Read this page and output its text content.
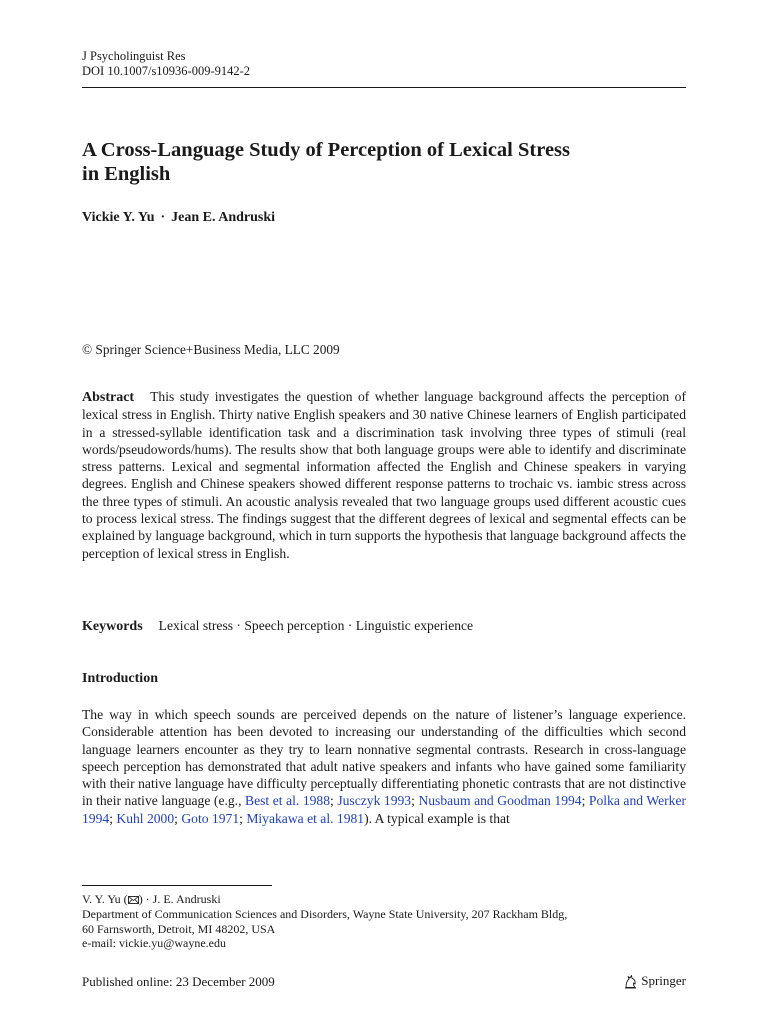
J Psycholinguist Res
DOI 10.1007/s10936-009-9142-2
A Cross-Language Study of Perception of Lexical Stress
in English
Vickie Y. Yu · Jean E. Andruski
© Springer Science+Business Media, LLC 2009

Abstract This study investigates the question of whether language background affects the perception of lexical stress in English. Thirty native English speakers and 30 native Chinese learners of English participated in a stressed-syllable identification task and a discrimination task involving three types of stimuli (real words/pseudowords/hums). The results show that both language groups were able to identify and discriminate stress patterns. Lexical and segmental information affected the English and Chinese speakers in varying degrees. English and Chinese speakers showed different response patterns to trochaic vs. iambic stress across the three types of stimuli. An acoustic analysis revealed that two language groups used different acoustic cues to process lexical stress. The findings suggest that the different degrees of lexical and segmental effects can be explained by language background, which in turn supports the hypothesis that language background affects the perception of lexical stress in English.

Keywords Lexical stress · Speech perception · Linguistic experience
Introduction

The way in which speech sounds are perceived depends on the nature of listener’s language experience. Considerable attention has been devoted to increasing our understanding of the difficulties which second language learners encounter as they try to learn nonnative segmental contrasts. Research in cross-language speech perception has demonstrated that adult native speakers and infants who have gained some familiarity with their native language have difficulty perceptually differentiating phonetic contrasts that are not distinctive in their native language (e.g., Best et al. 1988; Jusczyk 1993; Nusbaum and Goodman 1994; Polka and Werker 1994; Kuhl 2000; Goto 1971; Miyakawa et al. 1981). A typical example is that

V. Y. Yu ( ) · J. E. Andruski
Department of Communication Sciences and Disorders, Wayne State University, 207 Rackham Bldg,
60 Farnsworth, Detroit, MI 48202, USA
e-mail: vickie.yu@wayne.edu
Published online: 23 December 2009	Springer
